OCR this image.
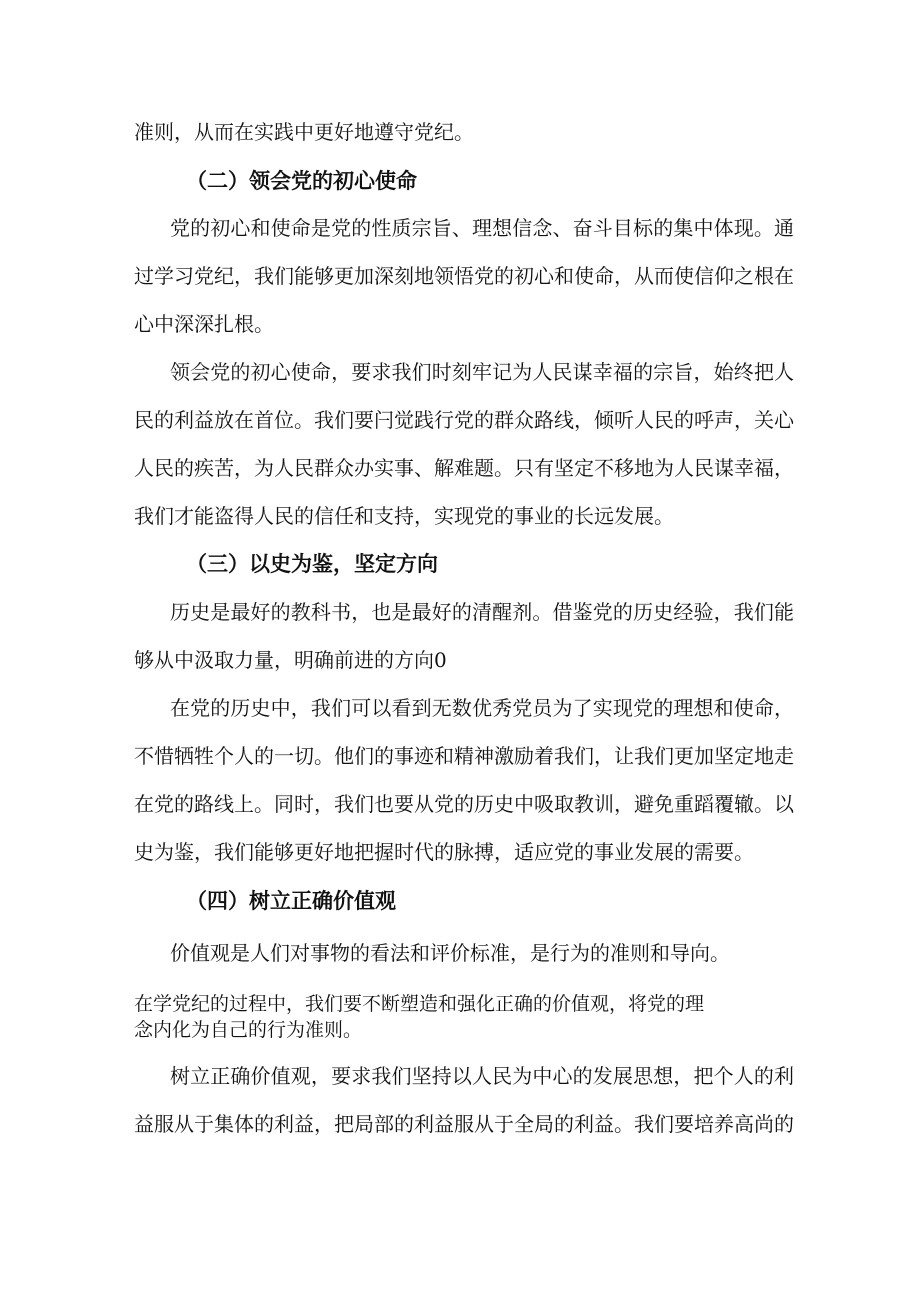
准则，从而在实践中更好地遵守党纪。

（二）领会党的初心使命

党的初心和使命是党的性质宗旨、理想信念、奋斗目标的集中体现。通过学习党纪，我们能够更加深刻地领悟党的初心和使命，从而使信仰之根在心中深深扎根。

领会党的初心使命，要求我们时刻牢记为人民谋幸福的宗旨，始终把人民的利益放在首位。我们要闩觉践行党的群众路线，倾听人民的呼声，关心人民的疾苦，为人民群众办实事、解难题。只有坚定不移地为人民谋幸福，我们才能盗得人民的信任和支持，实现党的事业的长远发展。

（三）以史为鉴，坚定方向

历史是最好的教科书，也是最好的清醒剂。借鉴党的历史经验，我们能够从中汲取力量，明确前进的方向0

在党的历史中，我们可以看到无数优秀党员为了实现党的理想和使命，不惜牺牲个人的一切。他们的事迹和精神激励着我们，让我们更加坚定地走在党的路线上。同时，我们也要从党的历史中吸取教训，避免重蹈覆辙。以史为鉴，我们能够更好地把握时代的脉搏，适应党的事业发展的需要。

（四）树立正确价值观

价值观是人们对事物的看法和评价标准，是行为的准则和导向。

在学党纪的过程中，我们要不断塑造和强化正确的价值观，将党的理

念内化为自己的行为准则。

树立正确价值观，要求我们坚持以人民为中心的发展思想，把个人的利益服从于集体的利益，把局部的利益服从于全局的利益。我们要培养高尚的
